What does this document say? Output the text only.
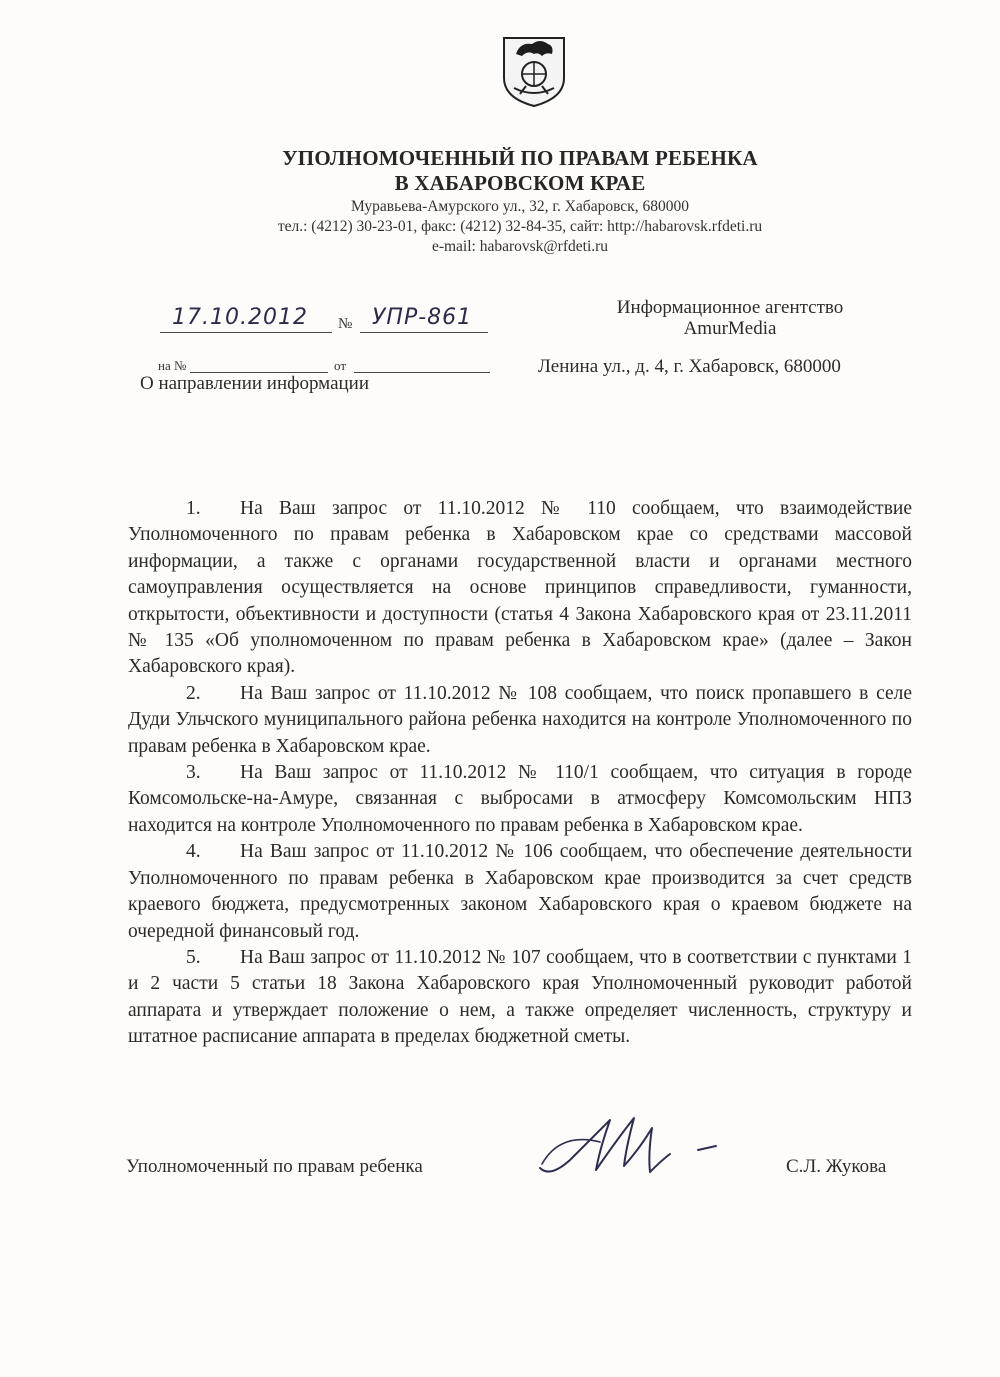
УПОЛНОМОЧЕННЫЙ ПО ПРАВАМ РЕБЕНКА
В ХАБАРОВСКОМ КРАЕ
Муравьева-Амурского ул., 32, г. Хабаровск, 680000
тел.: (4212) 30-23-01, факс: (4212) 32-84-35, сайт: http://habarovsk.rfdeti.ru
e-mail: habarovsk@rfdeti.ru
17.10.2012 № УПР-861
на №	от
О направлении информации
Информационное агентство
AmurMedia
Ленина ул., д. 4, г. Хабаровск, 680000

1. На Ваш запрос от 11.10.2012 № 110 сообщаем, что взаимодействие Уполномоченного по правам ребенка в Хабаровском крае со средствами массовой информации, а также с органами государственной власти и органами местного самоуправления осуществляется на основе принципов справедливости, гуманности, открытости, объективности и доступности (статья 4 Закона Хабаровского края от 23.11.2011 № 135 «Об уполномоченном по правам ребенка в Хабаровском крае» (далее – Закон Хабаровского края).

2. На Ваш запрос от 11.10.2012 № 108 сообщаем, что поиск пропавшего в селе Дуди Ульчского муниципального района ребенка находится на контроле Уполномоченного по правам ребенка в Хабаровском крае.

3. На Ваш запрос от 11.10.2012 № 110/1 сообщаем, что ситуация в городе Комсомольске-на-Амуре, связанная с выбросами в атмосферу Комсомольским НПЗ находится на контроле Уполномоченного по правам ребенка в Хабаровском крае.

4. На Ваш запрос от 11.10.2012 № 106 сообщаем, что обеспечение деятельности Уполномоченного по правам ребенка в Хабаровском крае производится за счет средств краевого бюджета, предусмотренных законом Хабаровского края о краевом бюджете на очередной финансовый год.

5. На Ваш запрос от 11.10.2012 № 107 сообщаем, что в соответствии с пунктами 1 и 2 части 5 статьи 18 Закона Хабаровского края Уполномоченный руководит работой аппарата и утверждает положение о нем, а также определяет численность, структуру и штатное расписание аппарата в пределах бюджетной сметы.

Уполномоченный по правам ребенка	С.Л. Жукова
